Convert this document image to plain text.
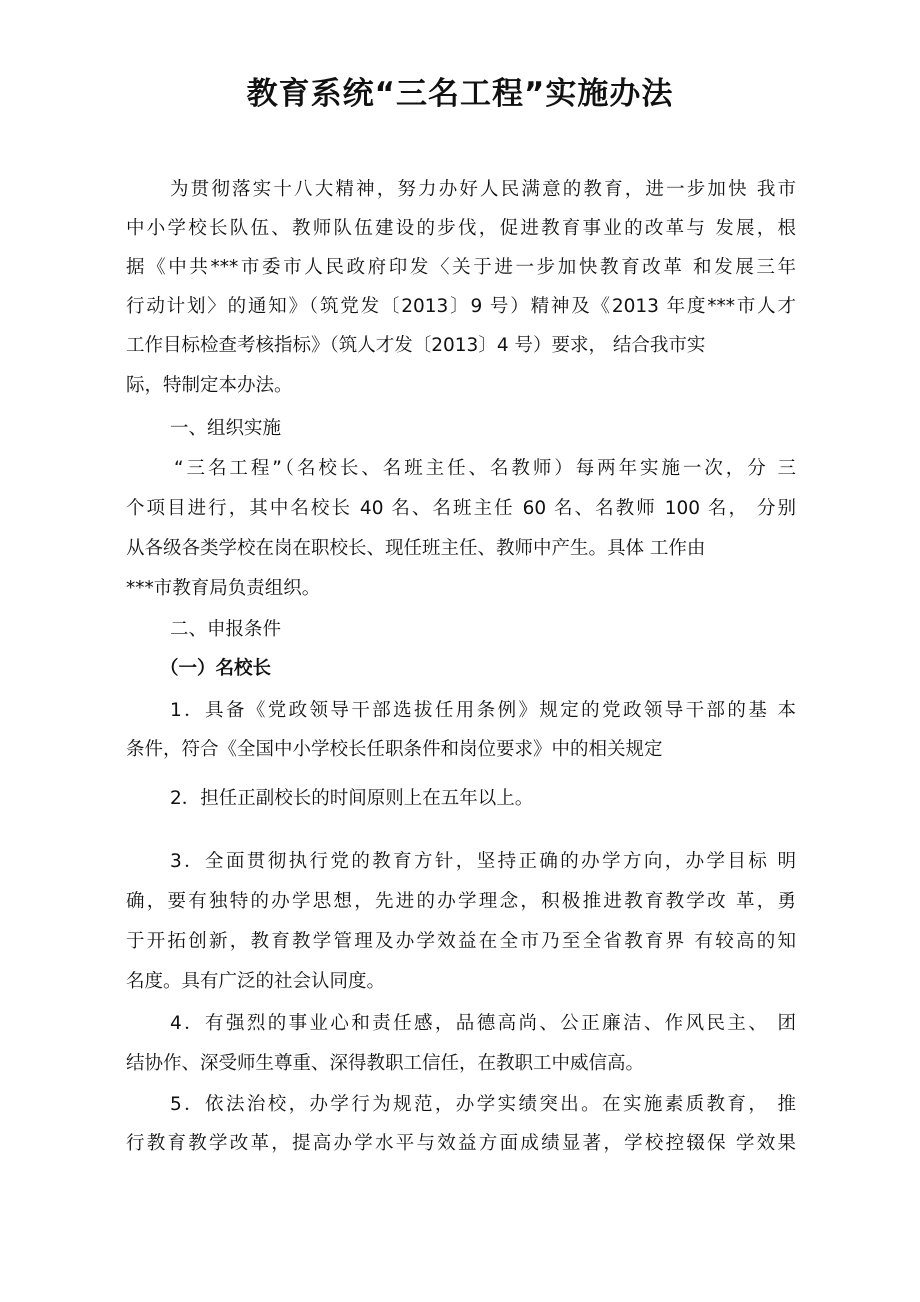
教育系统“三名工程”实施办法
为贯彻落实十八大精神，努力办好人民满意的教育，进一步加快 我市
中小学校长队伍、教师队伍建设的步伐，促进教育事业的改革与 发展，根
据《中共***市委市人民政府印发〈关于进一步加快教育改革 和发展三年
行动计划〉的通知》（筑党发〔2013〕9 号）精神及《2013 年度***市人才
工作目标检查考核指标》（筑人才发〔2013〕4 号）要求， 结合我市实
际，特制定本办法。
一、组织实施
“三名工程”（名校长、名班主任、名教师）每两年实施一次，分 三
个项目进行，其中名校长 40 名、名班主任 60 名、名教师 100 名， 分别
从各级各类学校在岗在职校长、现任班主任、教师中产生。具体 工作由
***市教育局负责组织。
二、申报条件
（一）名校长
1．具备《党政领导干部选拔任用条例》规定的党政领导干部的基 本
条件，符合《全国中小学校长任职条件和岗位要求》中的相关规定
2．担任正副校长的时间原则上在五年以上。
3．全面贯彻执行党的教育方针，坚持正确的办学方向，办学目标 明
确，要有独特的办学思想，先进的办学理念，积极推进教育教学改 革，勇
于开拓创新，教育教学管理及办学效益在全市乃至全省教育界 有较高的知
名度。具有广泛的社会认同度。
4．有强烈的事业心和责任感，品德高尚、公正廉洁、作风民主、 团
结协作、深受师生尊重、深得教职工信任，在教职工中威信高。
5．依法治校，办学行为规范，办学实绩突出。在实施素质教育， 推
行教育教学改革，提高办学水平与效益方面成绩显著，学校控辍保 学效果
